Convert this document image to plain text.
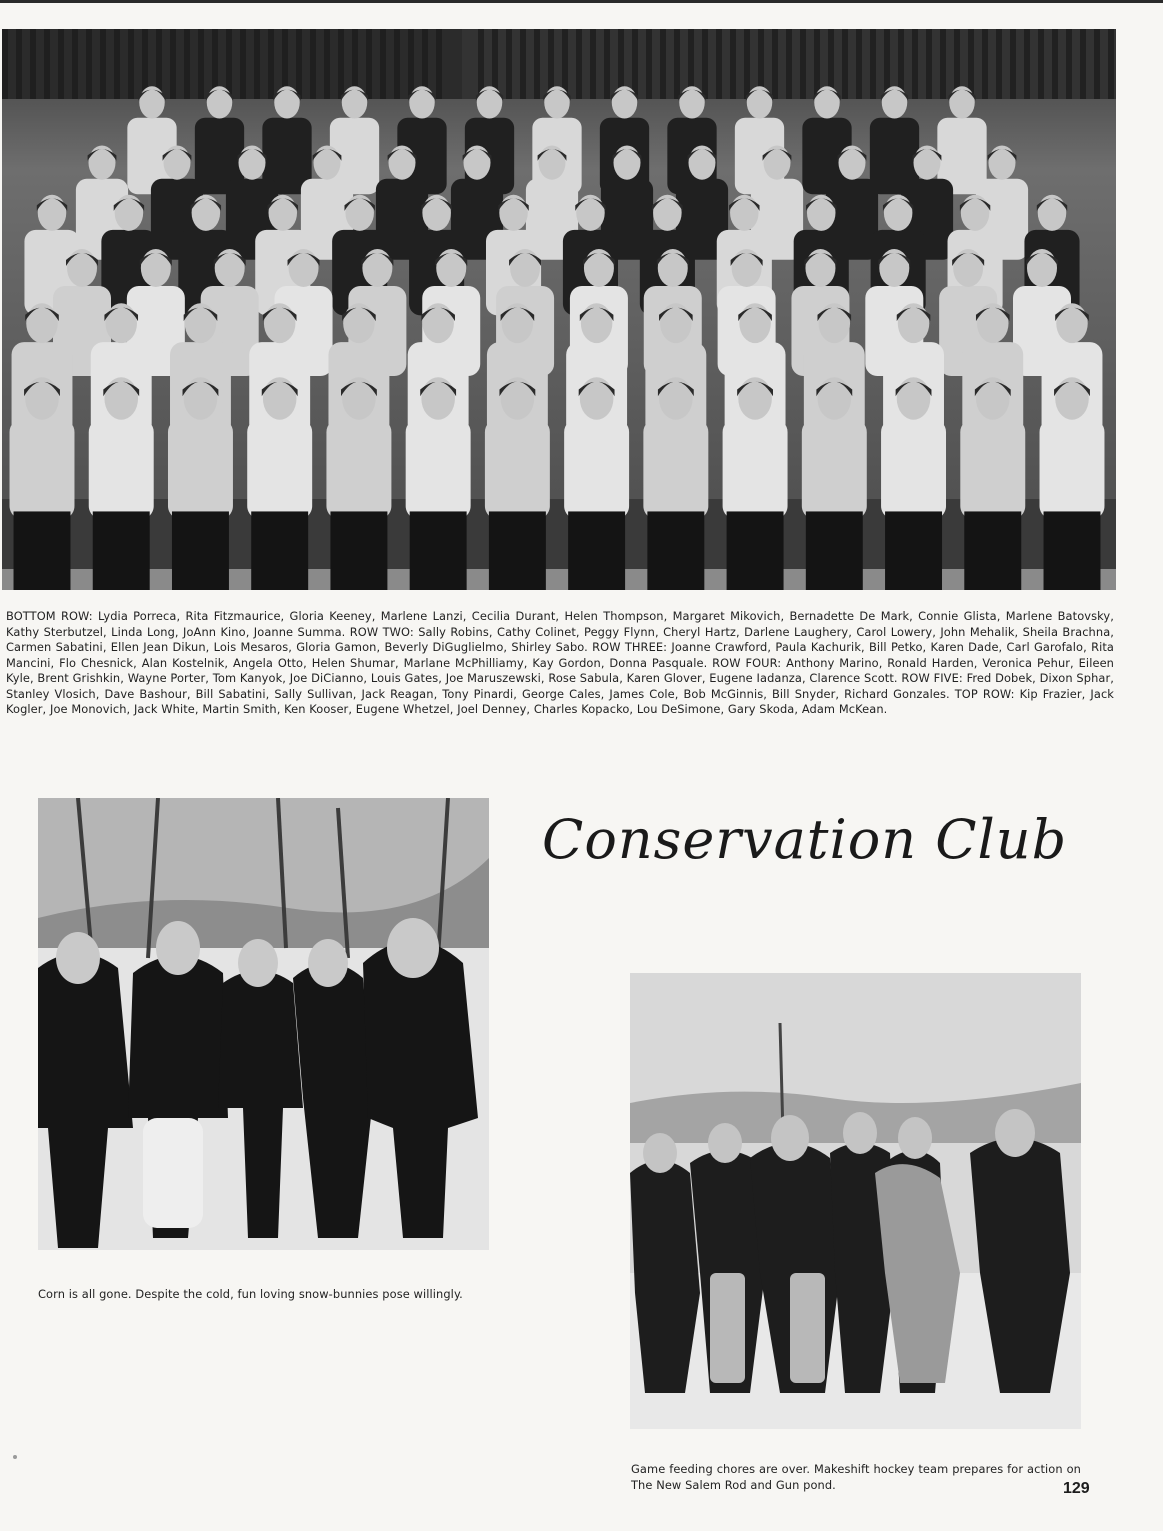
BOTTOM ROW: Lydia Porreca, Rita Fitzmaurice, Gloria Keeney, Marlene Lanzi, Cecilia Durant, Helen Thompson, Margaret Mikovich, Bernadette De Mark, Connie Glista, Marlene Batovsky, Kathy Sterbutzel, Linda Long, JoAnn Kino, Joanne Summa. ROW TWO: Sally Robins, Cathy Colinet, Peggy Flynn, Cheryl Hartz, Darlene Laughery, Carol Lowery, John Mehalik, Sheila Brachna, Carmen Sabatini, Ellen Jean Dikun, Lois Mesaros, Gloria Gamon, Beverly DiGuglielmo, Shirley Sabo. ROW THREE: Joanne Crawford, Paula Kachurik, Bill Petko, Karen Dade, Carl Garofalo, Rita Mancini, Flo Chesnick, Alan Kostelnik, Angela Otto, Helen Shumar, Marlane McPhilliamy, Kay Gordon, Donna Pasquale. ROW FOUR: Anthony Marino, Ronald Harden, Veronica Pehur, Eileen Kyle, Brent Grishkin, Wayne Porter, Tom Kanyok, Joe DiCianno, Louis Gates, Joe Maruszewski, Rose Sabula, Karen Glover, Eugene Iadanza, Clarence Scott. ROW FIVE: Fred Dobek, Dixon Sphar, Stanley Vlosich, Dave Bashour, Bill Sabatini, Sally Sullivan, Jack Reagan, Tony Pinardi, George Cales, James Cole, Bob McGinnis, Bill Snyder, Richard Gonzales. TOP ROW: Kip Frazier, Jack Kogler, Joe Monovich, Jack White, Martin Smith, Ken Kooser, Eugene Whetzel, Joel Denney, Charles Kopacko, Lou DeSimone, Gary Skoda, Adam McKean.

Conservation Club

Corn is all gone. Despite the cold, fun loving snow-bunnies pose willingly.

Game feeding chores are over. Makeshift hockey team prepares for action on The New Salem Rod and Gun pond.	129
